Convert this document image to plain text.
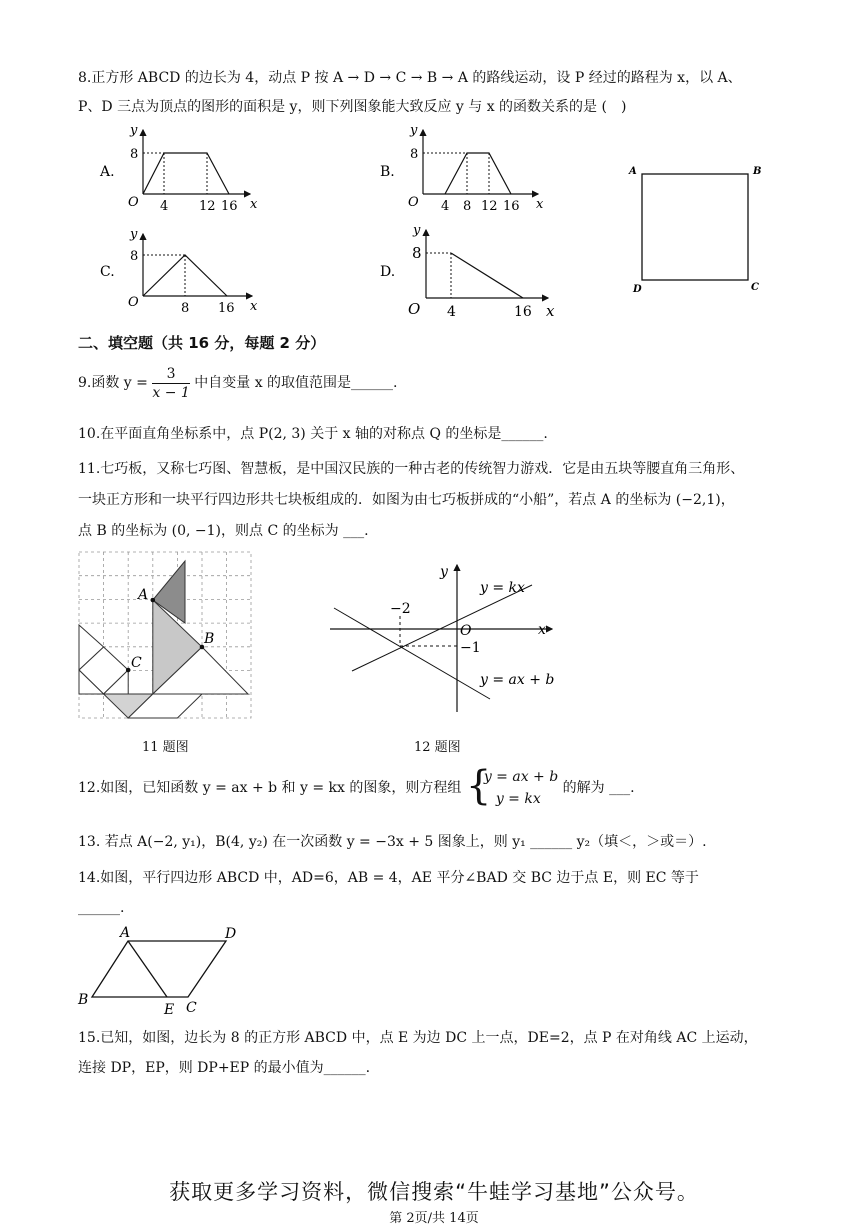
8.正方形 ABCD 的边长为 4，动点 P 按 A → D → C → B → A 的路线运动，设 P 经过的路程为 x，以 A、
P、D 三点为顶点的图形的面积是 y，则下列图象能大致反应 y 与 x 的函数关系的是 (　)
A.
y
x
O
8
4 12 16
B.
y
x
O
8
4 8 12 16
A	B
C
D
C.
y
x
O
8
8 16
D.
y
x
O
8
4	16
二、填空题（共 16 分，每题 2 分）
9.函数 $y = \frac{3}{x - 1}$ 中自变量 x 的取值范围是______.
10.在平面直角坐标系中，点 P(2, 3) 关于 x 轴的对称点 Q 的坐标是______.
11.七巧板，又称七巧图、智慧板，是中国汉民族的一种古老的传统智力游戏．它是由五块等腰直角三角形、
一块正方形和一块平行四边形共七块板组成的．如图为由七巧板拼成的“小船”，若点 A 的坐标为 (−2,1)，
点 B 的坐标为 (0, −1)，则点 C 的坐标为 ___.
A
B
C
11 题图
y
x
O
−2
−1
y = kx
y = ax + b
12 题图
12.如图，已知函数 y = ax + b 和 y = kx 的图象，则方程组 {
y = ax + b
y = kx
的解为 ___.
13. 若点 A(−2, y₁)，B(4, y₂) 在一次函数 y = −3x + 5 图象上，则 y₁ ______ y₂（填＜，＞或＝）.
14.如图，平行四边形 ABCD 中，AD=6，AB = 4，AE 平分∠BAD 交 BC 边于点 E，则 EC 等于
______.
A	D
B
E C
15.已知，如图，边长为 8 的正方形 ABCD 中，点 E 为边 DC 上一点，DE=2，点 P 在对角线 AC 上运动，
连接 DP，EP，则 DP+EP 的最小值为______.
获取更多学习资料，微信搜索“牛蛙学习基地”公众号。
第 2页/共 14页
